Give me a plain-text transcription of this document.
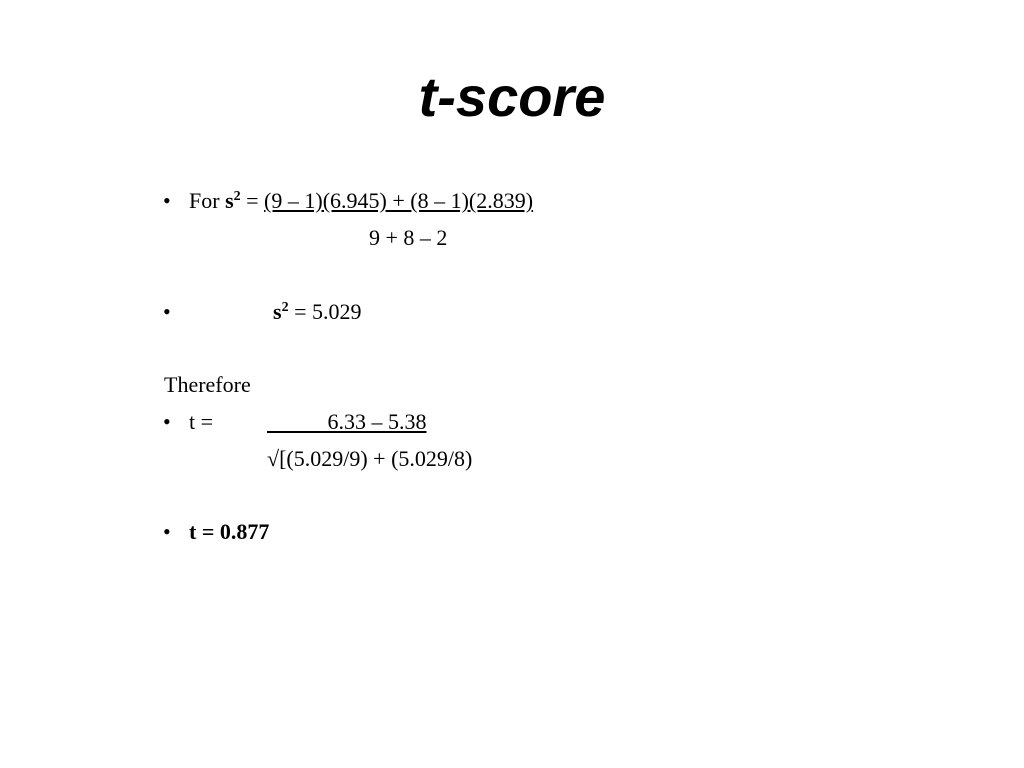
t-score
• For $s^2 = (9 - 1)(6.945) + (8 - 1)(2.839)$
9 + 8 – 2
•	$s^2 = 5.029$
Therefore
• t = 6.33 – 5.38
√[(5.029/9) + (5.029/8)
• t = 0.877
